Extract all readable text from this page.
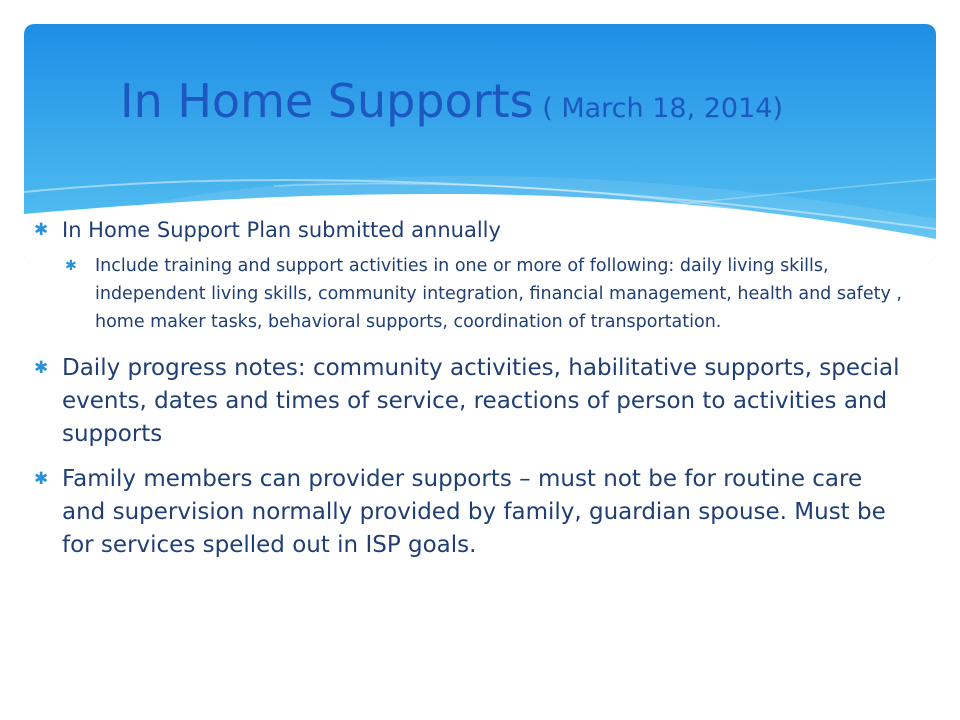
In Home Supports ( March 18, 2014)
✱ In Home Support Plan submitted annually
✱ Include training and support activities in one or more of following: daily living skills, independent living skills, community integration, financial management, health and safety , home maker tasks, behavioral supports, coordination of transportation.
✱ Daily progress notes: community activities, habilitative supports, special events, dates and times of service, reactions of person to activities and supports
✱ Family members can provider supports – must not be for routine care and supervision normally provided by family, guardian spouse. Must be for services spelled out in ISP goals.
